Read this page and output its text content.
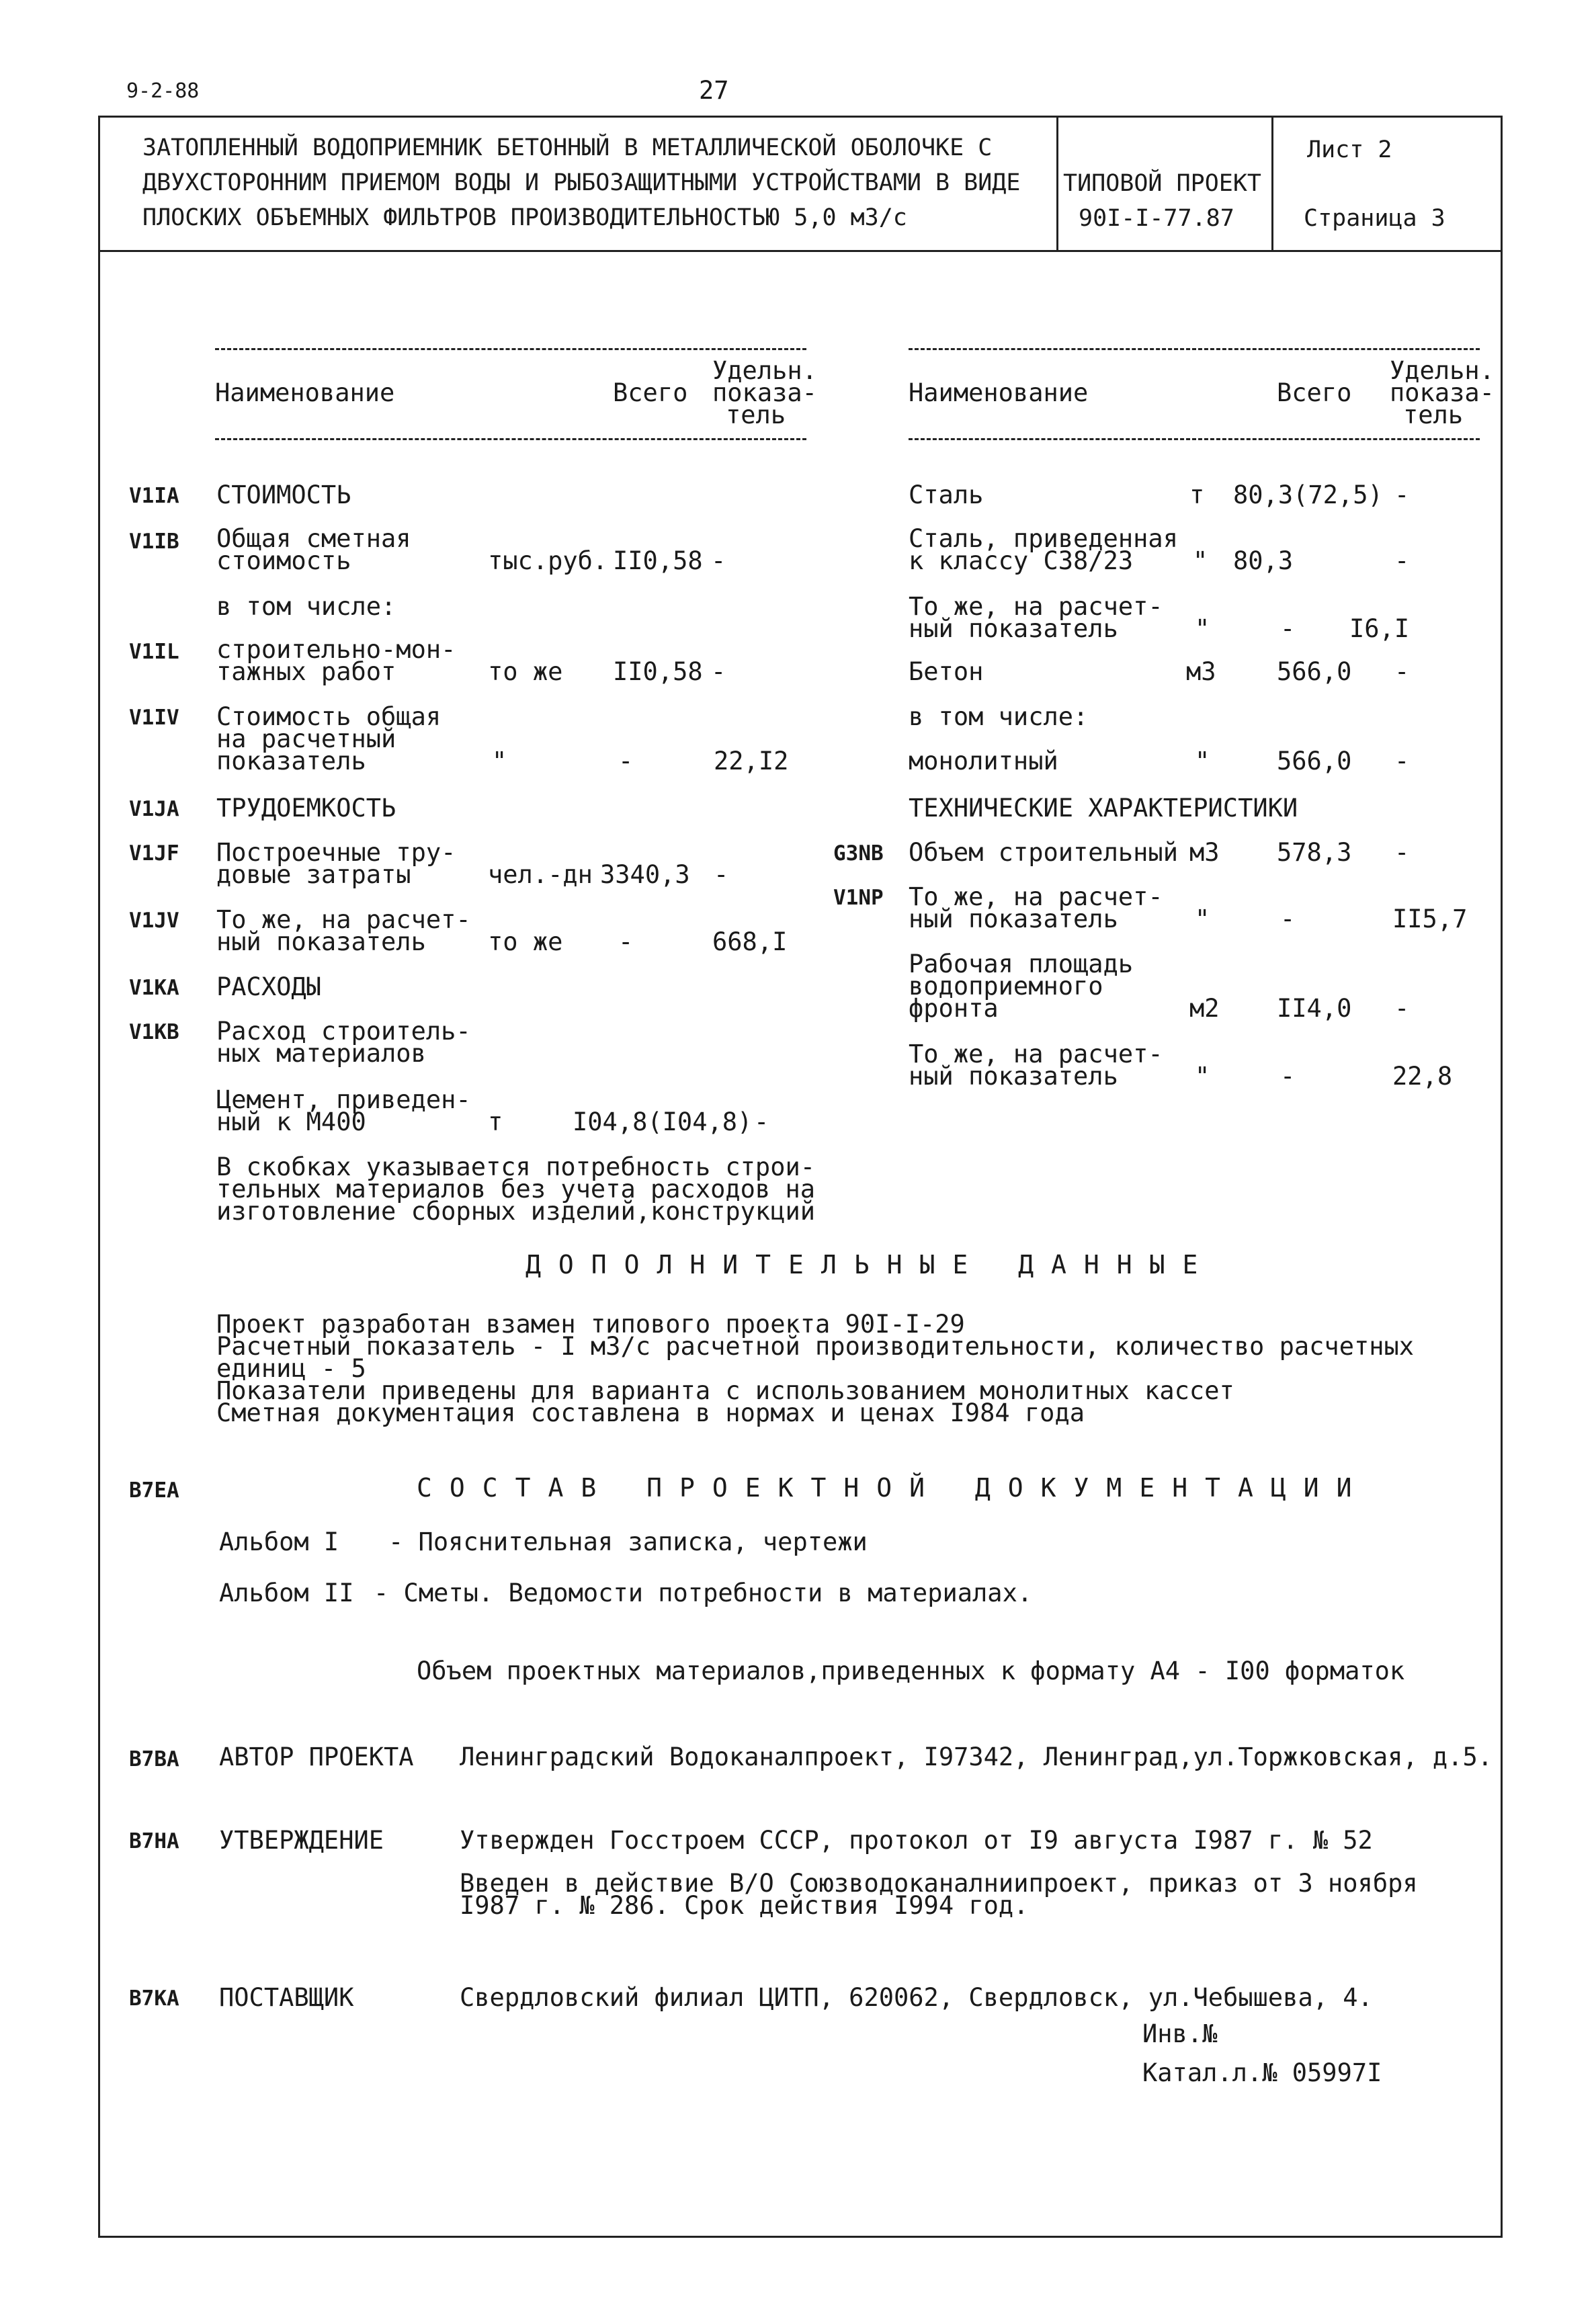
9-2-88	27
ЗАТОПЛЕННЫЙ ВОДОПРИЕМНИК БЕТОННЫЙ В МЕТАЛЛИЧЕСКОЙ ОБОЛОЧКЕ С
ДВУХСТОРОННИМ ПРИЕМОМ ВОДЫ И РЫБОЗАЩИТНЫМИ УСТРОЙСТВАМИ В ВИДЕ
ПЛОСКИХ ОБЪЕМНЫХ ФИЛЬТРОВ ПРОИЗВОДИТЕЛЬНОСТЬЮ 5,0 м3/с
ТИПОВОЙ ПРОЕКТ
90I-I-77.87
Лист 2
Страница 3
Наименование	Всего
Удельн.
показа-
тель
Наименование	Всего
Удельн.
показа-
тель
V1IA СТОИМОСТЬ
V1IB Общая сметная
стоимость	тыс.руб. II0,58 -
в том числе:
V1IL строительно-мон-
тажных работ	то же II0,58 -
V1IV Стоимость общая
на расчетный
показатель	"	-	22,I2
V1JA ТРУДОЕМКОСТЬ
V1JF Построечные тру-
довые затраты	чел.-дн 3340,3 -
V1JV То же, на расчет-
ный показатель то же -	668,I
V1KA РАСХОДЫ
V1KB Расход строитель-
ных материалов
Цемент, приведен-
ный к М400	т	I04,8(I04,8) -
В скобках указывается потребность строи-
тельных материалов без учета расходов на
изготовление сборных изделий,конструкций
Сталь	т 80,3(72,5) -
Сталь, приведенная
к классу С38/23 " 80,3	-
То же, на расчет-
ный показатель	"	- I6,I
Бетон	м3 566,0 -
в том числе:
монолитный	"	566,0 -
ТЕХНИЧЕСКИЕ ХАРАКТЕРИСТИКИ
G3NB Объем строительный м3 578,3 -
V1NP То же, на расчет-
ный показатель	"	-	II5,7
Рабочая площадь
водоприемного
фронта	м2 II4,0 -
То же, на расчет-
ный показатель	"	-	22,8
ДОПОЛНИТЕЛЬНЫЕ ДАННЫЕ
Проект разработан взамен типового проекта 90I-I-29
Расчетный показатель - I м3/с расчетной производительности, количество расчетных
единиц - 5
Показатели приведены для варианта с использованием монолитных кассет
Сметная документация составлена в нормах и ценах I984 года
B7EA	СОСТАВ ПРОЕКТНОЙ ДОКУМЕНТАЦИИ
Альбом I - Пояснительная записка, чертежи
Альбом II - Сметы. Ведомости потребности в материалах.
Объем проектных материалов,приведенных к формату А4 - I00 форматок
B7BA АВТОР ПРОЕКТА Ленинградский Водоканалпроект, I97342, Ленинград,ул.Торжковская, д.5.
B7HA УТВЕРЖДЕНИЕ	Утвержден Госстроем СССР, протокол от I9 августа I987 г. № 52
Введен в действие В/О Союзводоканалниипроект, приказ от 3 ноября
I987 г. № 286. Срок действия I994 год.
B7KA ПОСТАВЩИК	Свердловский филиал ЦИТП, 620062, Свердловск, ул.Чебышева, 4.
Инв.№
Катал.л.№ 05997I
